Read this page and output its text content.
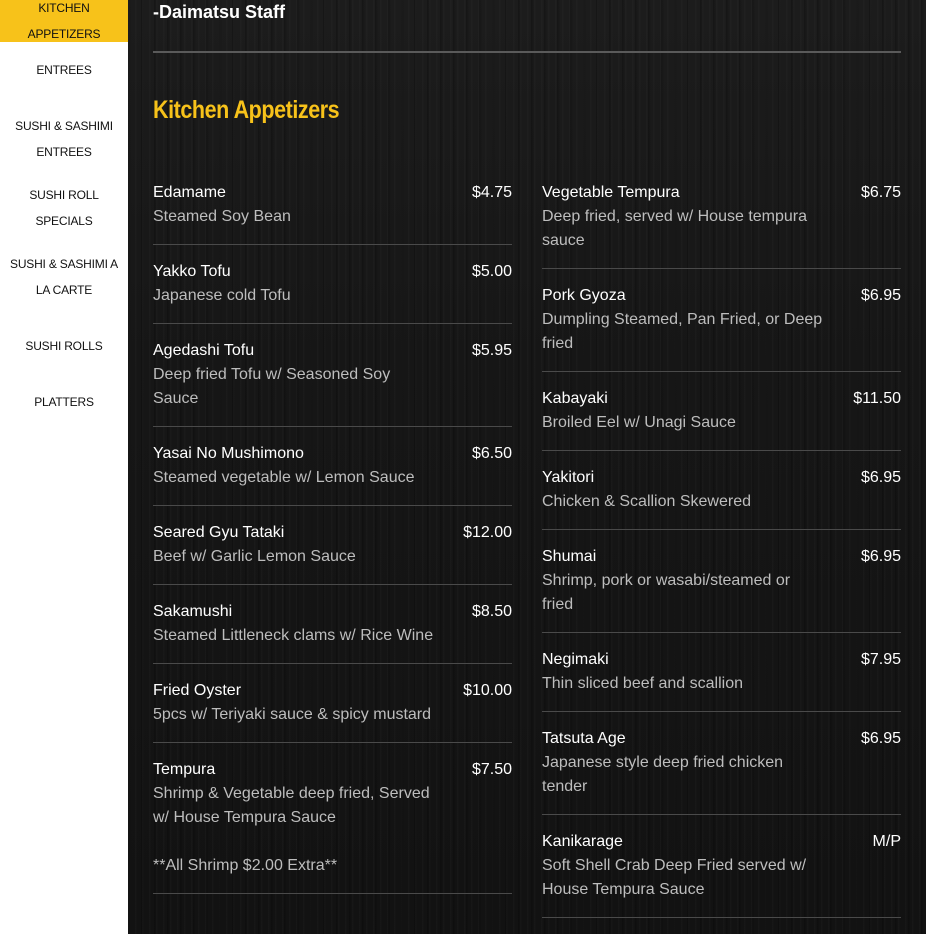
KITCHEN APPETIZERS
ENTREES
SUSHI & SASHIMI ENTREES
SUSHI ROLL SPECIALS
SUSHI & SASHIMI A LA CARTE
SUSHI ROLLS
PLATTERS
-Daimatsu Staff
Kitchen Appetizers
Edamame
Steamed Soy Bean
$4.75
Yakko Tofu
Japanese cold Tofu
$5.00
Agedashi Tofu
Deep fried Tofu w/ Seasoned Soy Sauce
$5.95
Yasai No Mushimono
Steamed vegetable w/ Lemon Sauce
$6.50
Seared Gyu Tataki
Beef w/ Garlic Lemon Sauce
$12.00
Sakamushi
Steamed Littleneck clams w/ Rice Wine
$8.50
Fried Oyster
5pcs w/ Teriyaki sauce & spicy mustard
$10.00
Tempura
Shrimp & Vegetable deep fried, Served w/ House Tempura Sauce
**All Shrimp $2.00 Extra**
$7.50
Vegetable Tempura
Deep fried, served w/ House tempura sauce
$6.75
Pork Gyoza
Dumpling Steamed, Pan Fried, or Deep fried
$6.95
Kabayaki
Broiled Eel w/ Unagi Sauce
$11.50
Yakitori
Chicken & Scallion Skewered
$6.95
Shumai
Shrimp, pork or wasabi/steamed or fried
$6.95
Negimaki
Thin sliced beef and scallion
$7.95
Tatsuta Age
Japanese style deep fried chicken tender
$6.95
Kanikarage
Soft Shell Crab Deep Fried served w/ House Tempura Sauce
M/P
